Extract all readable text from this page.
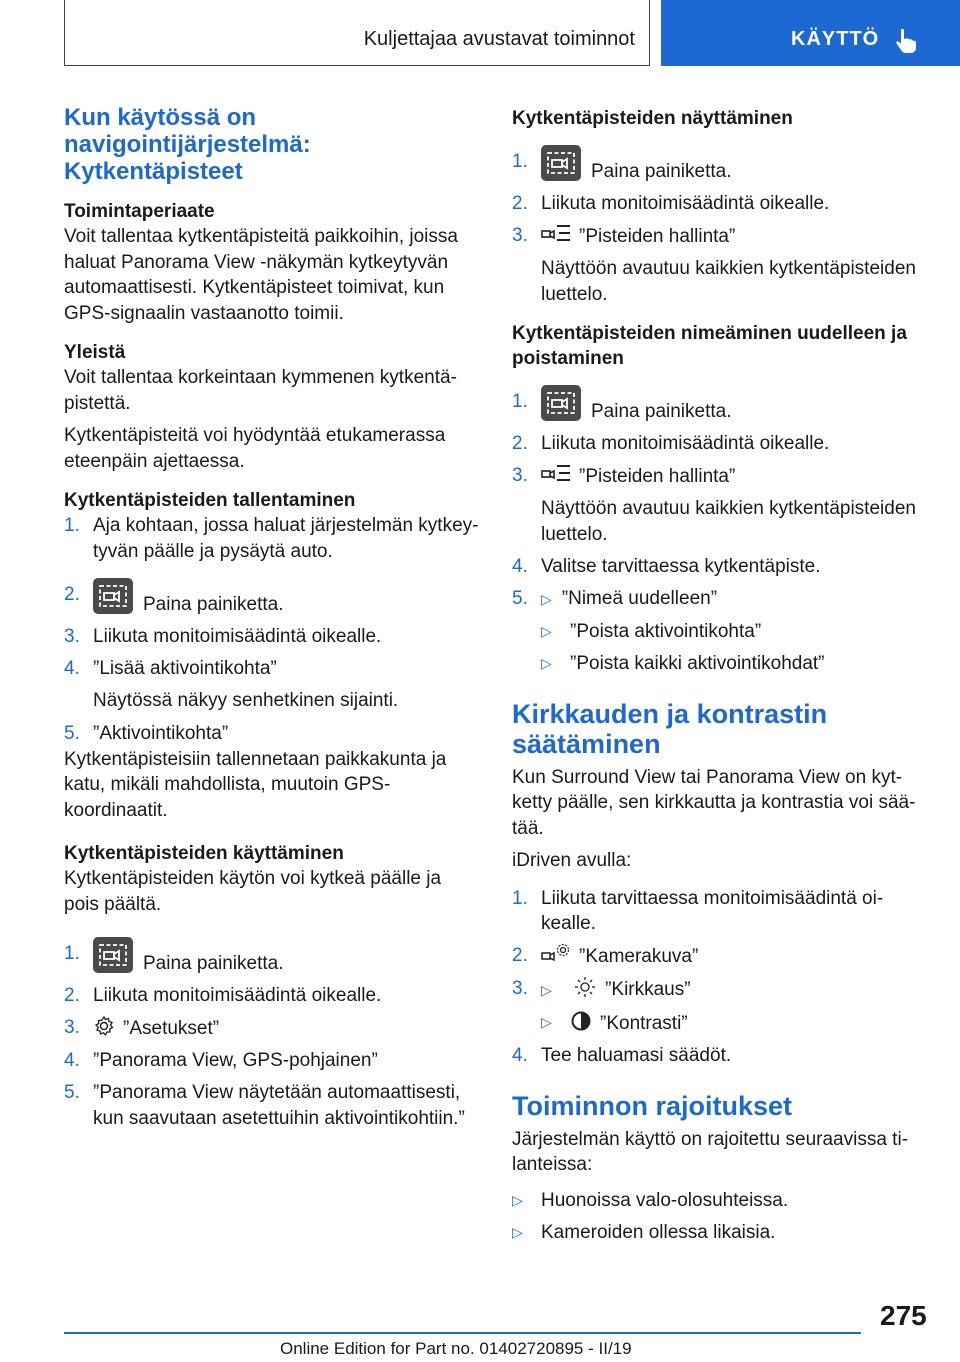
Kuljettajaa avustavat toiminnot	KÄYTTÖ
Kun käytössä on navigointijärjestelmä: Kytkentäpisteet
Toimintaperiaate

Voit tallentaa kytkentäpisteitä paikkoihin, joissa haluat Panorama View -näkymän kytkeytyvän automaattisesti. Kytkentäpisteet toimivat, kun GPS-signaalin vastaanotto toimii.

Yleistä

Voit tallentaa korkeintaan kymmenen kytkentäpistettä.

Kytkentäpisteitä voi hyödyntää etukamerassa eteenpäin ajettaessa.

Kytkentäpisteiden tallentaminen
1. Aja kohtaan, jossa haluat järjestelmän kytkeytyvän päälle ja pysäytä auto.
2.	Paina painiketta.
3. Liikuta monitoimisäädintä oikealle.
4. ”Lisää aktivointikohta”
Näytössä näkyy senhetkinen sijainti.
5. ”Aktivointikohta”

Kytkentäpisteisiin tallennetaan paikkakunta ja katu, mikäli mahdollista, muutoin GPS-koordinaatit.

Kytkentäpisteiden käyttäminen

Kytkentäpisteiden käytön voi kytkeä päälle ja pois päältä.

1.	Paina painiketta.
2. Liikuta monitoimisäädintä oikealle.
3. ”Asetukset”
4. ”Panorama View, GPS-pohjainen”
5. ”Panorama View näytetään automaattisesti, kun saavutaan asetettuihin aktivointikohtiin.”
Kytkentäpisteiden näyttäminen
1.	Paina painiketta.
2. Liikuta monitoimisäädintä oikealle.
3.	”Pisteiden hallinta”
Näyttöön avautuu kaikkien kytkentäpisteiden luettelo.
Kytkentäpisteiden nimeäminen uudelleen ja poistaminen
1.	Paina painiketta.
2. Liikuta monitoimisäädintä oikealle.
3.	”Pisteiden hallinta”
Näyttöön avautuu kaikkien kytkentäpisteiden luettelo.
4. Valitse tarvittaessa kytkentäpiste.
5. ▷ ”Nimeä uudelleen”
▷ ”Poista aktivointikohta”
▷ ”Poista kaikki aktivointikohdat”
Kirkkauden ja kontrastin säätäminen

Kun Surround View tai Panorama View on kytketty päälle, sen kirkkautta ja kontrastia voi säätää.

iDriven avulla:

1. Liikuta tarvittaessa monitoimisäädintä oikealle.
2.	”Kamerakuva”
3. ▷	”Kirkkaus”
▷	”Kontrasti”
4. Tee haluamasi säädöt.
Toiminnon rajoitukset

Järjestelmän käyttö on rajoitettu seuraavissa tilanteissa:

▷ Huonoissa valo-olosuhteissa.
▷ Kameroiden ollessa likaisia.
275
Online Edition for Part no. 01402720895 - II/19
